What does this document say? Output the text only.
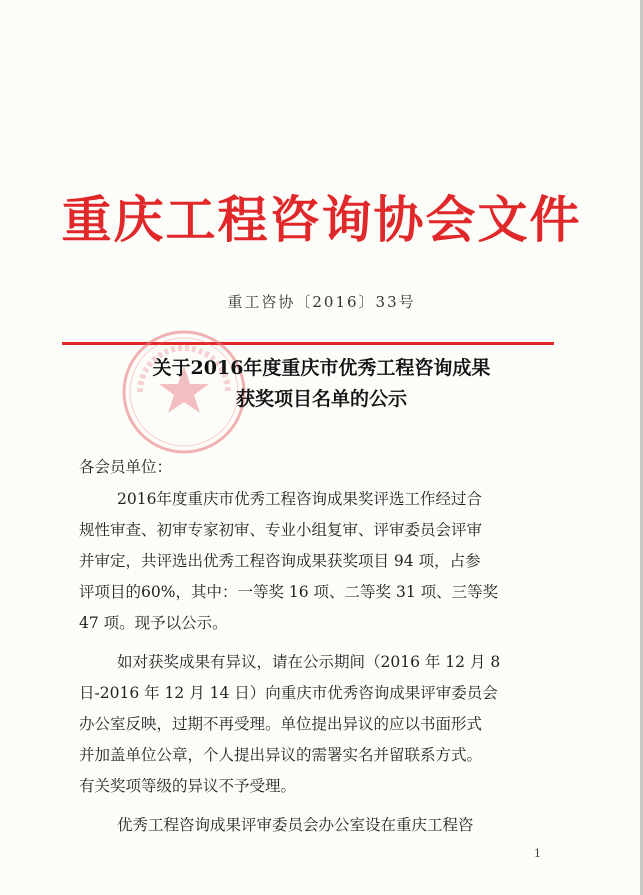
重庆工程咨询协会文件
重工咨协〔2016〕33号
关于2016年度重庆市优秀工程咨询成果
获奖项目名单的公示
各会员单位：
2016年度重庆市优秀工程咨询成果奖评选工作经过合
规性审查、初审专家初审、专业小组复审、评审委员会评审
并审定，共评选出优秀工程咨询成果获奖项目 94 项，占参
评项目的60%，其中：一等奖 16 项、二等奖 31 项、三等奖
47 项。现予以公示。
如对获奖成果有异议，请在公示期间（2016 年 12 月 8
日-2016 年 12 月 14 日）向重庆市优秀咨询成果评审委员会
办公室反映，过期不再受理。单位提出异议的应以书面形式
并加盖单位公章，个人提出异议的需署实名并留联系方式。
有关奖项等级的异议不予受理。
优秀工程咨询成果评审委员会办公室设在重庆工程咨
1
